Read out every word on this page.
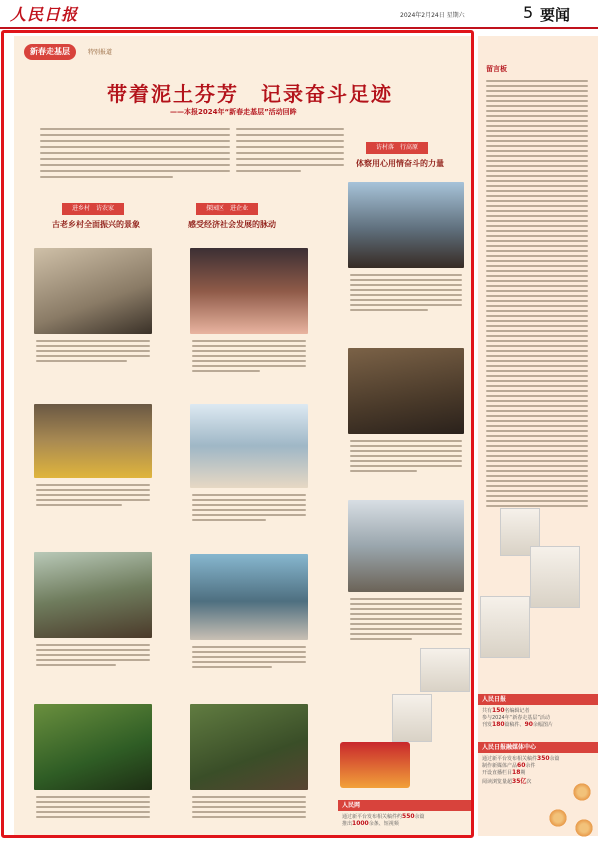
人民日报	2024年2月24日 星期六	5 要闻
新春走基层	特别报道
带着泥土芬芳　记录奋斗足迹
——本报2024年“新春走基层”活动回眸
进乡村　访农家
古老乡村全面振兴的景象
探园区　进企业
感受经济社会发展的脉动
访村落　行高原
体察用心用情奋斗的力量
留言板
人民日报
共有150名编辑记者
参与2024年“新春走基层”活动
刊发180篇稿件、90余幅图片
人民日报融媒体中心
通过新平台发布相关稿件350余篇
制作新媒体产品60余件
开设直播栏目18期
阅读浏览量超35亿次
人民网
通过新平台发布相关稿件约550余篇
推出1000余条、短视频
